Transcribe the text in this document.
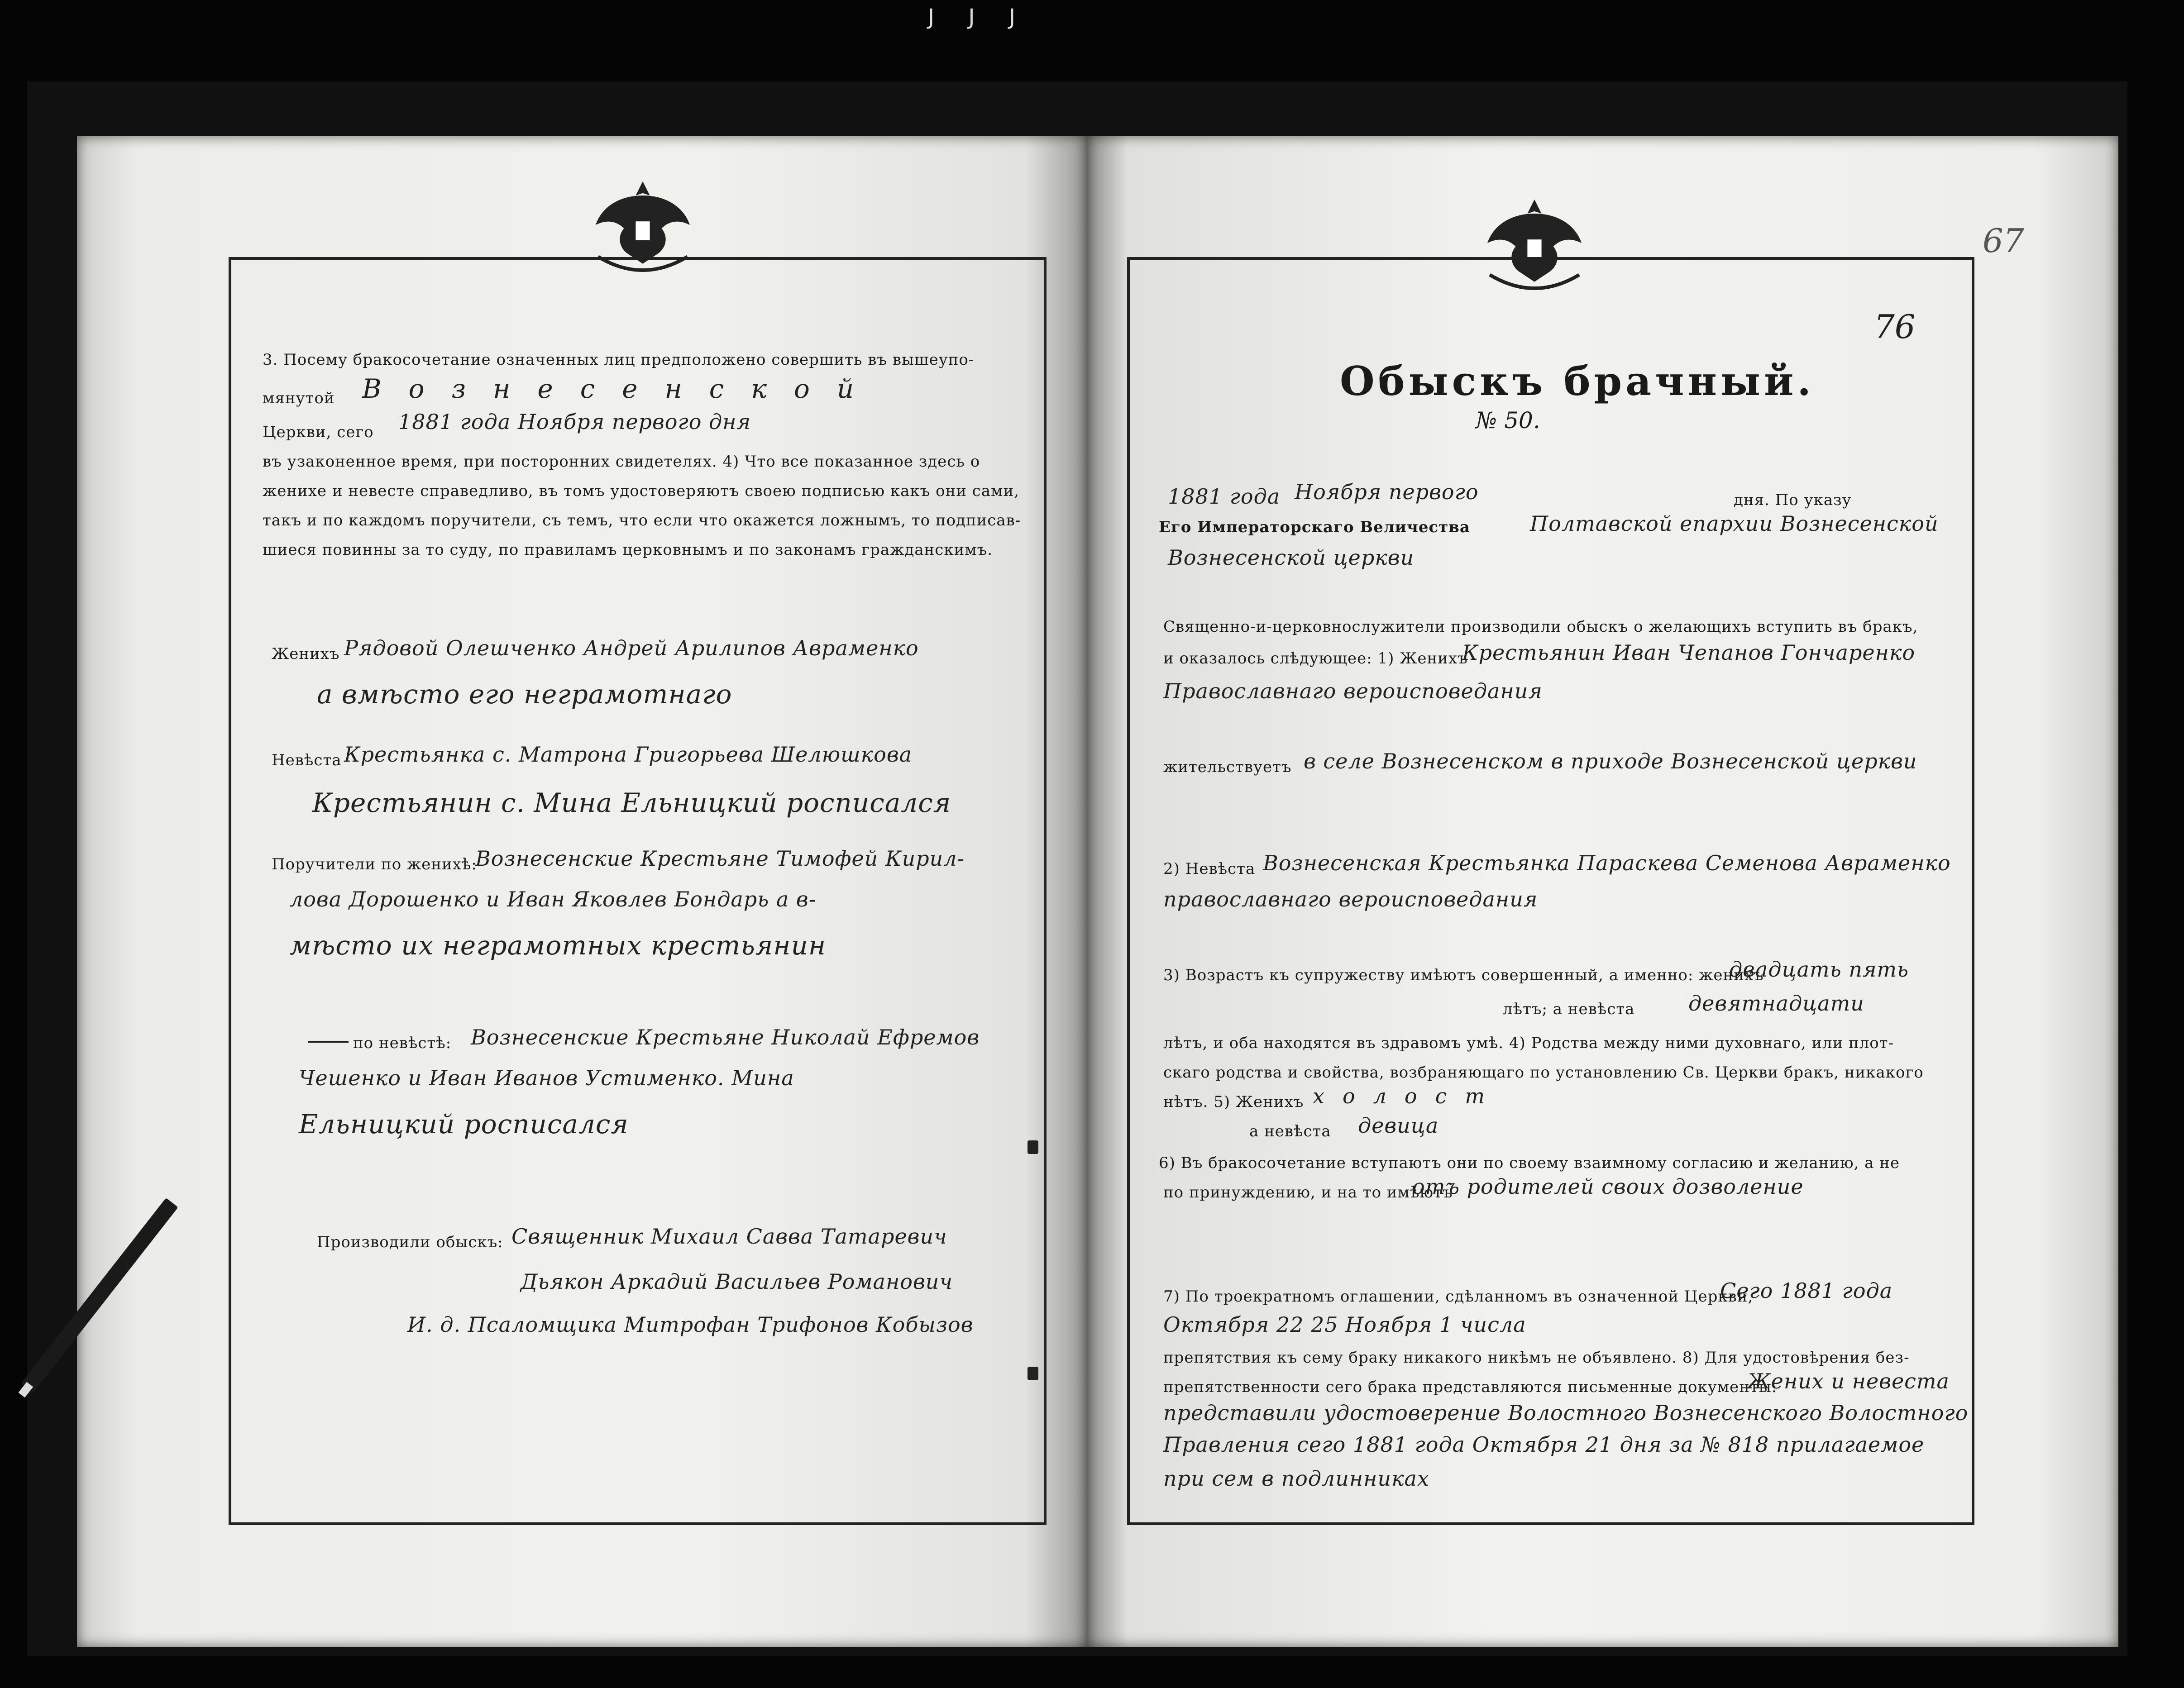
J J J
3. Посему бракосочетание означенных лиц предположено совершить въ вышеупо-
мянутой Вознесенской
Церкви, сего 1881 года Ноября первого дня
въ узаконенное время, при посторонних свидетелях. 4) Что все показанное здесь о
женихе и невесте справедливо, въ томъ удостоверяютъ своею подписью какъ они сами,
такъ и по каждомъ поручители, съ темъ, что если что окажется ложнымъ, то подписав-
шиеся повинны за то суду, по правиламъ церковнымъ и по законамъ гражданскимъ.
Женихъ Рядовой Олешченко Андрей Арилипов Авраменко
а вмѣсто его неграмотнаго
Невѣста Крестьянка с. Матрона Григорьева Шелюшкова
Крестьянин с. Мина Ельницкий росписался
Поручители по женихѣ:
Вознесенские Крестьяне Тимофей Кирил-
лова Дорошенко и Иван Яковлев Бондарь а в-
мѣсто их неграмотных крестьянин
по невѣстѣ: Вознесенские Крестьяне Николай Ефремов
Чешенко и Иван Иванов Устименко. Мина
Ельницкий росписался
Производили обыскъ: Священник Михаил Савва Татаревич
Дьякон Аркадий Васильев Романович
И. д. Псаломщика Митрофан Трифонов Кобызов
67
76
Обыскъ брачный.
№ 50.
1881 года Ноября первого	дня. По указу
Его Императорскаго Величества	Полтавской епархии Вознесенской
Вознесенской церкви
Священно-и-церковнослужители производили обыскъ о желающихъ вступить въ бракъ,
и оказалось слѣдующее: 1) Женихъ
Крестьянин Иван Чепанов Гончаренко
Православнаго вероисповедания
жительствуетъ в селе Вознесенском в приходе Вознесенской церкви
2) Невѣста Вознесенская Крестьянка Параскева Семенова Авраменко
православнаго вероисповедания
3) Возрастъ къ супружеству имѣютъ совершенный, а именно: женихъ
двадцать пять
лѣтъ; а невѣста	девятнадцати
лѣтъ, и оба находятся въ здравомъ умѣ. 4) Родства между ними духовнаго, или плот-
скаго родства и свойства, возбраняющаго по установлению Св. Церкви бракъ, никакого
нѣтъ. 5) Женихъ холост
а невѣста девица
6) Въ бракосочетание вступаютъ они по своему взаимному согласию и желанию, а не
по принуждению, и на то имѣютъ
отъ родителей своих дозволение
7) По троекратномъ оглашении, сдѣланномъ въ означенной Церкви,
Сего 1881 года
Октября 22 25 Ноября 1 числа
препятствия къ сему браку никакого никѣмъ не объявлено. 8) Для удостовѣрения без-
препятственности сего брака представляются письменные документы:
Жених и невеста
представили удостоверение Волостного Вознесенского Волостного
Правления сего 1881 года Октября 21 дня за № 818 прилагаемое
при сем в подлинниках
